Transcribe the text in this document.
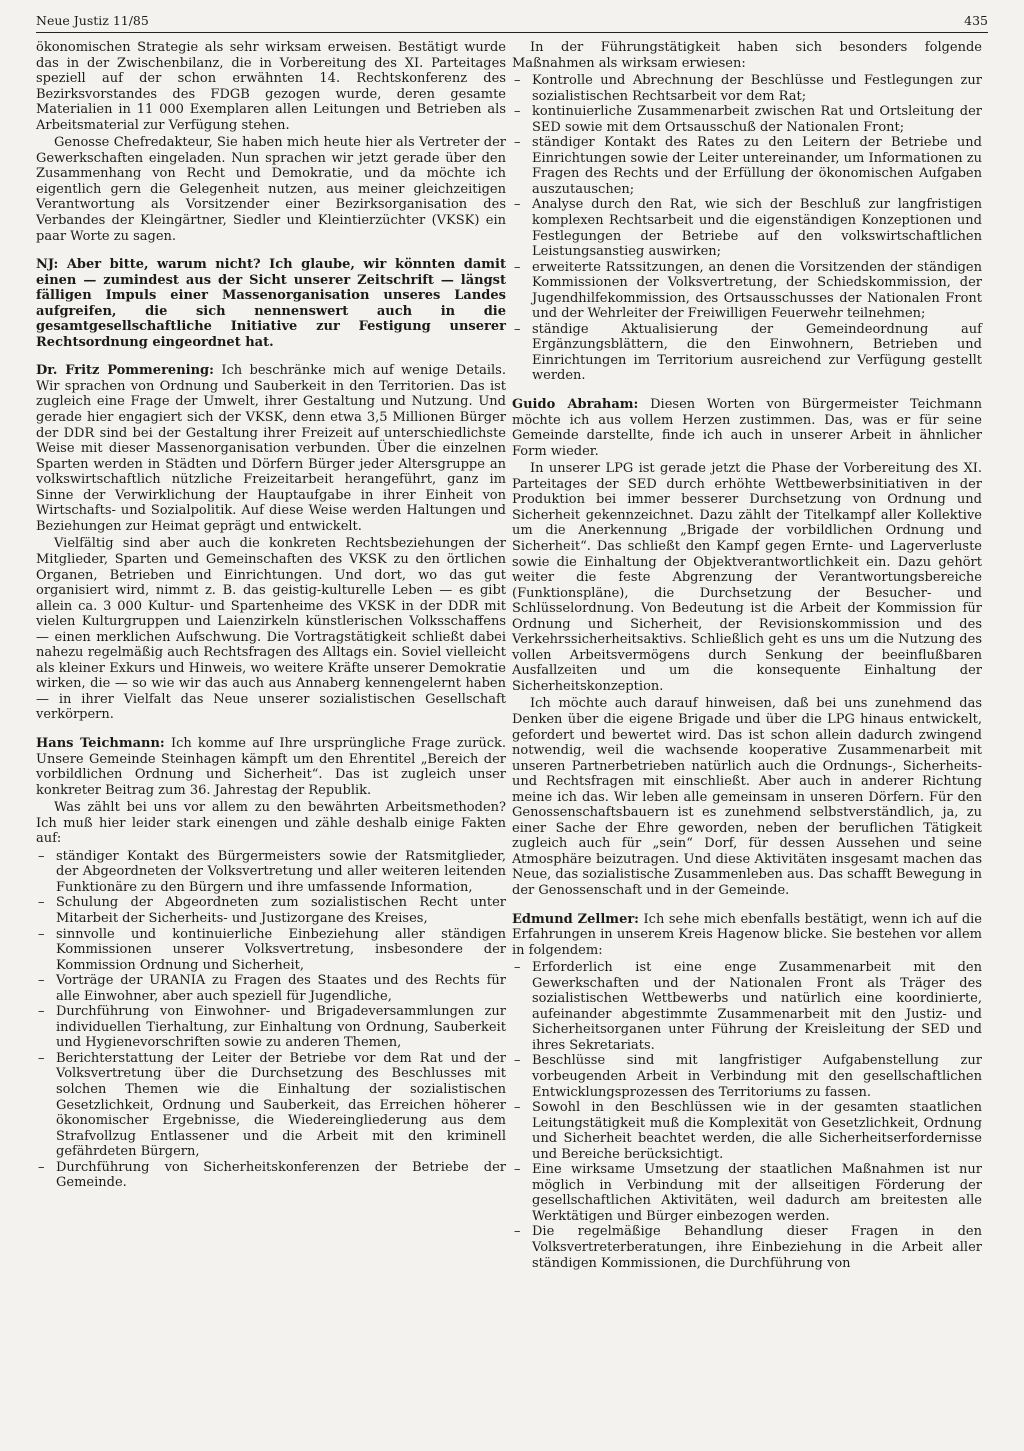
Neue Justiz 11/85	435

ökonomischen Strategie als sehr wirksam erweisen. Bestätigt wurde das in der Zwischenbilanz, die in Vorbereitung des XI. Parteitages speziell auf der schon erwähnten 14. Rechtskonferenz des Bezirksvorstandes des FDGB gezogen wurde, deren gesamte Materialien in 11 000 Exemplaren allen Leitungen und Betrieben als Arbeitsmaterial zur Verfügung stehen.

Genosse Chefredakteur, Sie haben mich heute hier als Vertreter der Gewerkschaften eingeladen. Nun sprachen wir jetzt gerade über den Zusammenhang von Recht und Demokratie, und da möchte ich eigentlich gern die Gelegenheit nutzen, aus meiner gleichzeitigen Verantwortung als Vorsitzender einer Bezirksorganisation des Verbandes der Kleingärtner, Siedler und Kleintierzüchter (VKSK) ein paar Worte zu sagen.

NJ: Aber bitte, warum nicht? Ich glaube, wir könnten damit einen — zumindest aus der Sicht unserer Zeitschrift — längst fälligen Impuls einer Massenorganisation unseres Landes aufgreifen, die sich nennenswert auch in die gesamtgesellschaftliche Initiative zur Festigung unserer Rechtsordnung eingeordnet hat.

Dr. Fritz Pommerening: Ich beschränke mich auf wenige Details. Wir sprachen von Ordnung und Sauberkeit in den Territorien. Das ist zugleich eine Frage der Umwelt, ihrer Gestaltung und Nutzung. Und gerade hier engagiert sich der VKSK, denn etwa 3,5 Millionen Bürger der DDR sind bei der Gestaltung ihrer Freizeit auf unterschiedlichste Weise mit dieser Massenorganisation verbunden. Über die einzelnen Sparten werden in Städten und Dörfern Bürger jeder Altersgruppe an volkswirtschaftlich nützliche Freizeitarbeit herangeführt, ganz im Sinne der Verwirklichung der Hauptaufgabe in ihrer Einheit von Wirtschafts- und Sozialpolitik. Auf diese Weise werden Haltungen und Beziehungen zur Heimat geprägt und entwickelt.

Vielfältig sind aber auch die konkreten Rechtsbeziehungen der Mitglieder, Sparten und Gemeinschaften des VKSK zu den örtlichen Organen, Betrieben und Einrichtungen. Und dort, wo das gut organisiert wird, nimmt z. B. das geistig-kulturelle Leben — es gibt allein ca. 3 000 Kultur- und Spartenheime des VKSK in der DDR mit vielen Kulturgruppen und Laienzirkeln künstlerischen Volksschaffens — einen merklichen Aufschwung. Die Vortragstätigkeit schließt dabei nahezu regelmäßig auch Rechtsfragen des Alltags ein. Soviel vielleicht als kleiner Exkurs und Hinweis, wo weitere Kräfte unserer Demokratie wirken, die — so wie wir das auch aus Annaberg kennengelernt haben — in ihrer Vielfalt das Neue unserer sozialistischen Gesellschaft verkörpern.

Hans Teichmann: Ich komme auf Ihre ursprüngliche Frage zurück. Unsere Gemeinde Steinhagen kämpft um den Ehrentitel „Bereich der vorbildlichen Ordnung und Sicherheit“. Das ist zugleich unser konkreter Beitrag zum 36. Jahrestag der Republik.

Was zählt bei uns vor allem zu den bewährten Arbeitsmethoden? Ich muß hier leider stark einengen und zähle deshalb einige Fakten auf:

– ständiger Kontakt des Bürgermeisters sowie der Ratsmitglieder, der Abgeordneten der Volksvertretung und aller weiteren leitenden Funktionäre zu den Bürgern und ihre umfassende Information,
– Schulung der Abgeordneten zum sozialistischen Recht unter Mitarbeit der Sicherheits- und Justizorgane des Kreises,
– sinnvolle und kontinuierliche Einbeziehung aller ständigen Kommissionen unserer Volksvertretung, insbesondere der Kommission Ordnung und Sicherheit,
– Vorträge der URANIA zu Fragen des Staates und des Rechts für alle Einwohner, aber auch speziell für Jugendliche,
– Durchführung von Einwohner- und Brigadeversammlungen zur individuellen Tierhaltung, zur Einhaltung von Ordnung, Sauberkeit und Hygienevorschriften sowie zu anderen Themen,
– Berichterstattung der Leiter der Betriebe vor dem Rat und der Volksvertretung über die Durchsetzung des Beschlusses mit solchen Themen wie die Einhaltung der sozialistischen Gesetzlichkeit, Ordnung und Sauberkeit, das Erreichen höherer ökonomischer Ergebnisse, die Wiedereingliederung aus dem Strafvollzug Entlassener und die Arbeit mit den kriminell gefährdeten Bürgern,
– Durchführung von Sicherheitskonferenzen der Betriebe der Gemeinde.

In der Führungstätigkeit haben sich besonders folgende Maßnahmen als wirksam erwiesen:

– Kontrolle und Abrechnung der Beschlüsse und Festlegungen zur sozialistischen Rechtsarbeit vor dem Rat;
– kontinuierliche Zusammenarbeit zwischen Rat und Ortsleitung der SED sowie mit dem Ortsausschuß der Nationalen Front;
– ständiger Kontakt des Rates zu den Leitern der Betriebe und Einrichtungen sowie der Leiter untereinander, um Informationen zu Fragen des Rechts und der Erfüllung der ökonomischen Aufgaben auszutauschen;
– Analyse durch den Rat, wie sich der Beschluß zur langfristigen komplexen Rechtsarbeit und die eigenständigen Konzeptionen und Festlegungen der Betriebe auf den volkswirtschaftlichen Leistungsanstieg auswirken;
– erweiterte Ratssitzungen, an denen die Vorsitzenden der ständigen Kommissionen der Volksvertretung, der Schiedskommission, der Jugendhilfekommission, des Ortsausschusses der Nationalen Front und der Wehrleiter der Freiwilligen Feuerwehr teilnehmen;
– ständige Aktualisierung der Gemeindeordnung auf Ergänzungsblättern, die den Einwohnern, Betrieben und Einrichtungen im Territorium ausreichend zur Verfügung gestellt werden.

Guido Abraham: Diesen Worten von Bürgermeister Teichmann möchte ich aus vollem Herzen zustimmen. Das, was er für seine Gemeinde darstellte, finde ich auch in unserer Arbeit in ähnlicher Form wieder.

In unserer LPG ist gerade jetzt die Phase der Vorbereitung des XI. Parteitages der SED durch erhöhte Wettbewerbsinitiativen in der Produktion bei immer besserer Durchsetzung von Ordnung und Sicherheit gekennzeichnet. Dazu zählt der Titelkampf aller Kollektive um die Anerkennung „Brigade der vorbildlichen Ordnung und Sicherheit“. Das schließt den Kampf gegen Ernte- und Lagerverluste sowie die Einhaltung der Objektverantwortlichkeit ein. Dazu gehört weiter die feste Abgrenzung der Verantwortungsbereiche (Funktionspläne), die Durchsetzung der Besucher- und Schlüsselordnung. Von Bedeutung ist die Arbeit der Kommission für Ordnung und Sicherheit, der Revisionskommission und des Verkehrssicherheitsaktivs. Schließlich geht es uns um die Nutzung des vollen Arbeitsvermögens durch Senkung der beeinflußbaren Ausfallzeiten und um die konsequente Einhaltung der Sicherheitskonzeption.

Ich möchte auch darauf hinweisen, daß bei uns zunehmend das Denken über die eigene Brigade und über die LPG hinaus entwickelt, gefordert und bewertet wird. Das ist schon allein dadurch zwingend notwendig, weil die wachsende kooperative Zusammenarbeit mit unseren Partnerbetrieben natürlich auch die Ordnungs-, Sicherheits- und Rechtsfragen mit einschließt. Aber auch in anderer Richtung meine ich das. Wir leben alle gemeinsam in unseren Dörfern. Für den Genossenschaftsbauern ist es zunehmend selbstverständlich, ja, zu einer Sache der Ehre geworden, neben der beruflichen Tätigkeit zugleich auch für „sein“ Dorf, für dessen Aussehen und seine Atmosphäre beizutragen. Und diese Aktivitäten insgesamt machen das Neue, das sozialistische Zusammenleben aus. Das schafft Bewegung in der Genossenschaft und in der Gemeinde.

Edmund Zellmer: Ich sehe mich ebenfalls bestätigt, wenn ich auf die Erfahrungen in unserem Kreis Hagenow blicke. Sie bestehen vor allem in folgendem:

– Erforderlich ist eine enge Zusammenarbeit mit den Gewerkschaften und der Nationalen Front als Träger des sozialistischen Wettbewerbs und natürlich eine koordinierte, aufeinander abgestimmte Zusammenarbeit mit den Justiz- und Sicherheitsorganen unter Führung der Kreisleitung der SED und ihres Sekretariats.
– Beschlüsse sind mit langfristiger Aufgabenstellung zur vorbeugenden Arbeit in Verbindung mit den gesellschaftlichen Entwicklungsprozessen des Territoriums zu fassen.
– Sowohl in den Beschlüssen wie in der gesamten staatlichen Leitungstätigkeit muß die Komplexität von Gesetzlichkeit, Ordnung und Sicherheit beachtet werden, die alle Sicherheitserfordernisse und Bereiche berücksichtigt.
– Eine wirksame Umsetzung der staatlichen Maßnahmen ist nur möglich in Verbindung mit der allseitigen Förderung der gesellschaftlichen Aktivitäten, weil dadurch am breitesten alle Werktätigen und Bürger einbezogen werden.
– Die regelmäßige Behandlung dieser Fragen in den Volksvertreterberatungen, ihre Einbeziehung in die Arbeit aller ständigen Kommissionen, die Durchführung von
